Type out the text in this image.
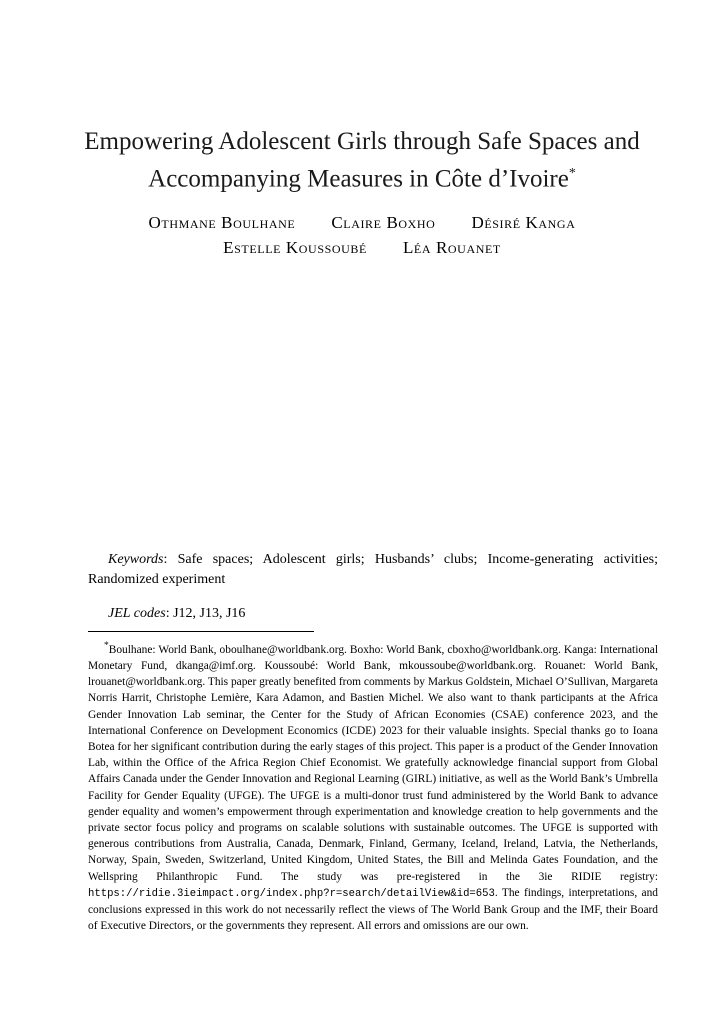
Empowering Adolescent Girls through Safe Spaces and
Accompanying Measures in Côte d’Ivoire*
Othmane Boulhane Claire Boxho Désiré Kanga
Estelle Koussoubé Léa Rouanet
Keywords: Safe spaces; Adolescent girls; Husbands’ clubs; Income-generating activities; Randomized experiment
JEL codes: J12, J13, J16
*Boulhane: World Bank, oboulhane@worldbank.org. Boxho: World Bank, cboxho@worldbank.org. Kanga: International Monetary Fund, dkanga@imf.org. Koussoubé: World Bank, mkoussoube@worldbank.org. Rouanet: World Bank, lrouanet@worldbank.org. This paper greatly benefited from comments by Markus Goldstein, Michael O’Sullivan, Margareta Norris Harrit, Christophe Lemière, Kara Adamon, and Bastien Michel. We also want to thank participants at the Africa Gender Innovation Lab seminar, the Center for the Study of African Economies (CSAE) conference 2023, and the International Conference on Development Economics (ICDE) 2023 for their valuable insights. Special thanks go to Ioana Botea for her significant contribution during the early stages of this project. This paper is a product of the Gender Innovation Lab, within the Office of the Africa Region Chief Economist. We gratefully acknowledge financial support from Global Affairs Canada under the Gender Innovation and Regional Learning (GIRL) initiative, as well as the World Bank’s Umbrella Facility for Gender Equality (UFGE). The UFGE is a multi-donor trust fund administered by the World Bank to advance gender equality and women’s empowerment through experimentation and knowledge creation to help governments and the private sector focus policy and programs on scalable solutions with sustainable outcomes. The UFGE is supported with generous contributions from Australia, Canada, Denmark, Finland, Germany, Iceland, Ireland, Latvia, the Netherlands, Norway, Spain, Sweden, Switzerland, United Kingdom, United States, the Bill and Melinda Gates Foundation, and the Wellspring Philanthropic Fund. The study was pre-registered in the 3ie RIDIE registry: https://ridie.3ieimpact.org/index.php?r=search/detailView&id=653. The findings, interpretations, and conclusions expressed in this work do not necessarily reflect the views of The World Bank Group and the IMF, their Board of Executive Directors, or the governments they represent. All errors and omissions are our own.
